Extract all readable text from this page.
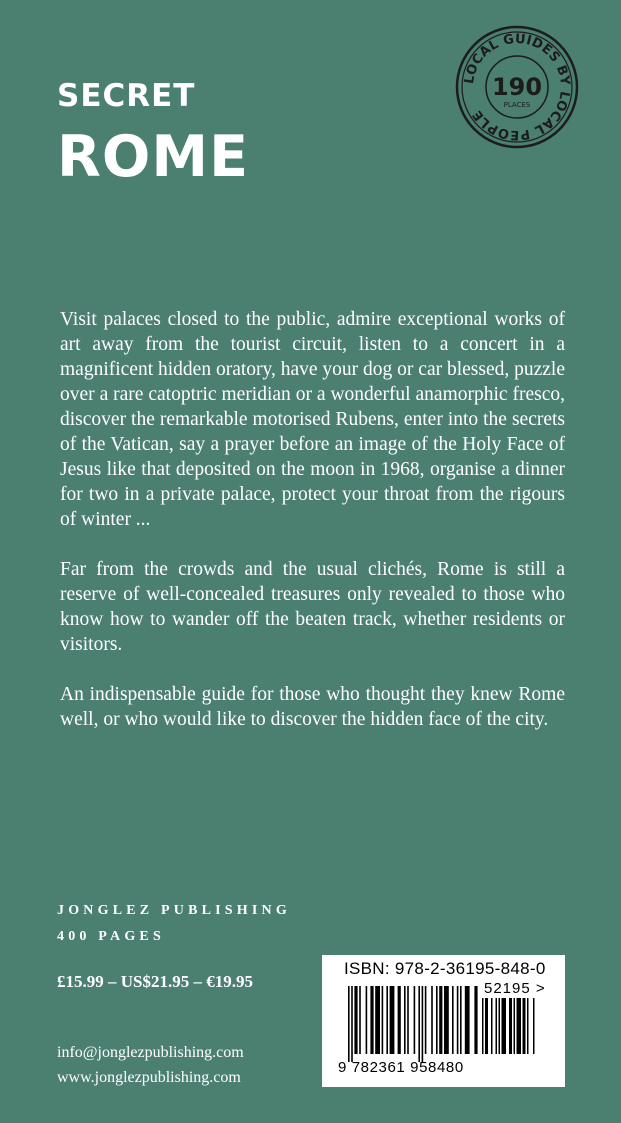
SECRET
ROME
LOCAL GUIDES BY LOCAL PEOPLE
190
PLACES

Visit palaces closed to the public, admire exceptional works of art away from the tourist circuit, listen to a concert in a magnificent hidden oratory, have your dog or car blessed, puzzle over a rare catoptric meridian or a wonderful anamorphic fresco, discover the remarkable motorised Rubens, enter into the secrets of the Vatican, say a prayer before an image of the Holy Face of Jesus like that deposited on the moon in 1968, organise a dinner for two in a private palace, protect your throat from the rigours of winter ...

Far from the crowds and the usual clichés, Rome is still a reserve of well-concealed treasures only revealed to those who know how to wander off the beaten track, whether residents or visitors.

An indispensable guide for those who thought they knew Rome well, or who would like to discover the hidden face of the city.

JONGLEZ PUBLISHING
400 PAGES
£15.99 – US$21.95 – €19.95
info@jonglezpublishing.com
www.jonglezpublishing.com
ISBN: 978-2-36195-848-0
52195 >
9 782361 958480
